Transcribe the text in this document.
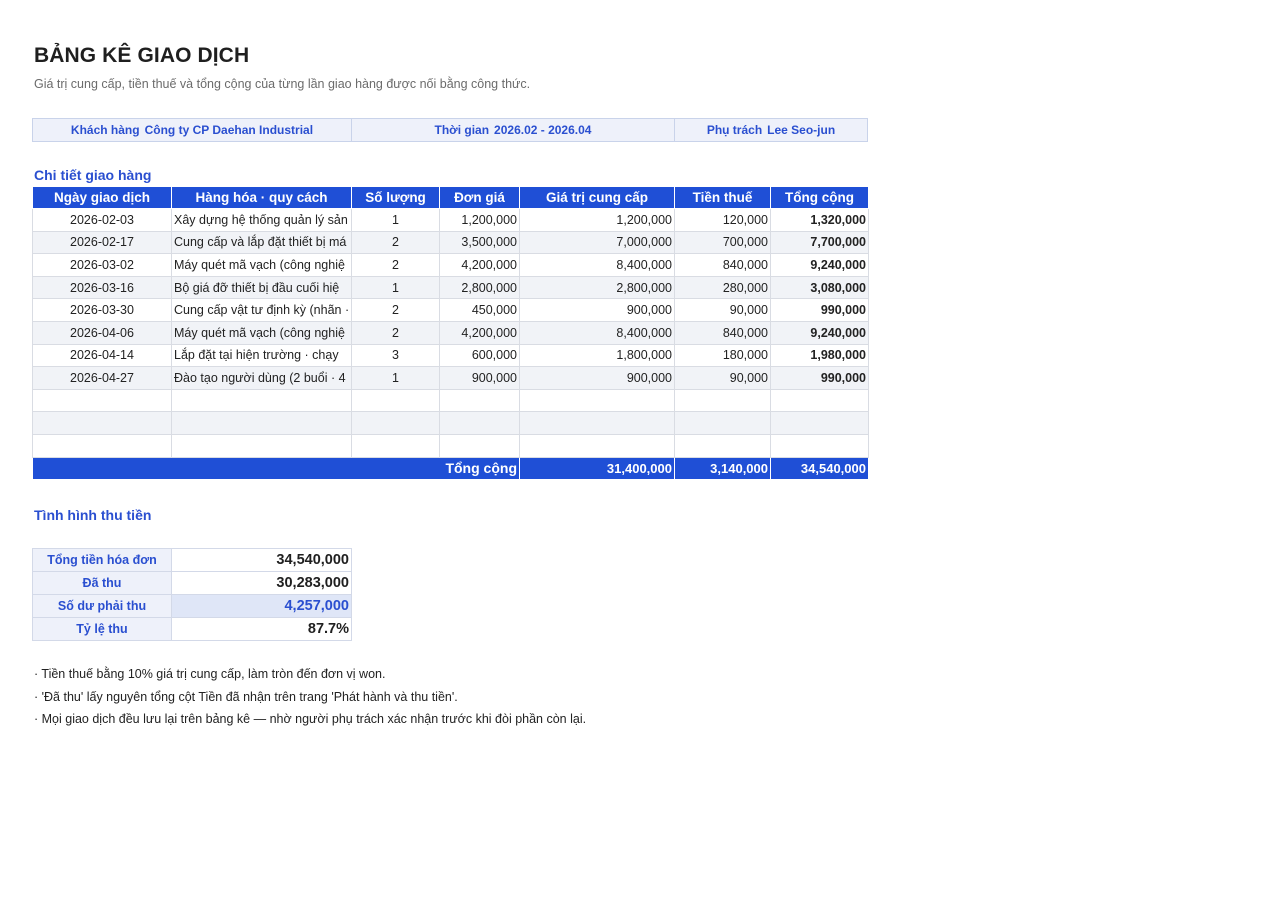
BẢNG KÊ GIAO DỊCH
Giá trị cung cấp, tiền thuế và tổng cộng của từng lần giao hàng được nối bằng công thức.
Khách hàng Công ty CP Daehan Industrial	Thời gian 2026.02 - 2026.04	Phụ trách Lee Seo-jun
Chi tiết giao hàng
Ngày giao dịch	Hàng hóa · quy cách	Số lượng	Đơn giá	Giá trị cung cấp	Tiền thuế	Tổng cộng
2026-02-03	Xây dựng hệ thống quản lý sản	1	1,200,000	1,200,000	120,000	1,320,000
2026-02-17	Cung cấp và lắp đặt thiết bị má	2	3,500,000	7,000,000	700,000	7,700,000
2026-03-02	Máy quét mã vạch (công nghiệ	2	4,200,000	8,400,000	840,000	9,240,000
2026-03-16	Bộ giá đỡ thiết bị đầu cuối hiệ	1	2,800,000	2,800,000	280,000	3,080,000
2026-03-30	Cung cấp vật tư định kỳ (nhãn ·	2	450,000	900,000	90,000	990,000
2026-04-06	Máy quét mã vạch (công nghiệ	2	4,200,000	8,400,000	840,000	9,240,000
2026-04-14	Lắp đặt tại hiện trường · chạy	3	600,000	1,800,000	180,000	1,980,000
2026-04-27	Đào tạo người dùng (2 buổi · 4	1	900,000	900,000	90,000	990,000

Tổng cộng				31,400,000	3,140,000	34,540,000
Tình hình thu tiền
Tổng tiền hóa đơn	34,540,000
Đã thu	30,283,000
Số dư phải thu	4,257,000
Tỷ lệ thu	87.7%
· Tiền thuế bằng 10% giá trị cung cấp, làm tròn đến đơn vị won.
· 'Đã thu' lấy nguyên tổng cột Tiền đã nhận trên trang 'Phát hành và thu tiền'.
· Mọi giao dịch đều lưu lại trên bảng kê — nhờ người phụ trách xác nhận trước khi đòi phần còn lại.
